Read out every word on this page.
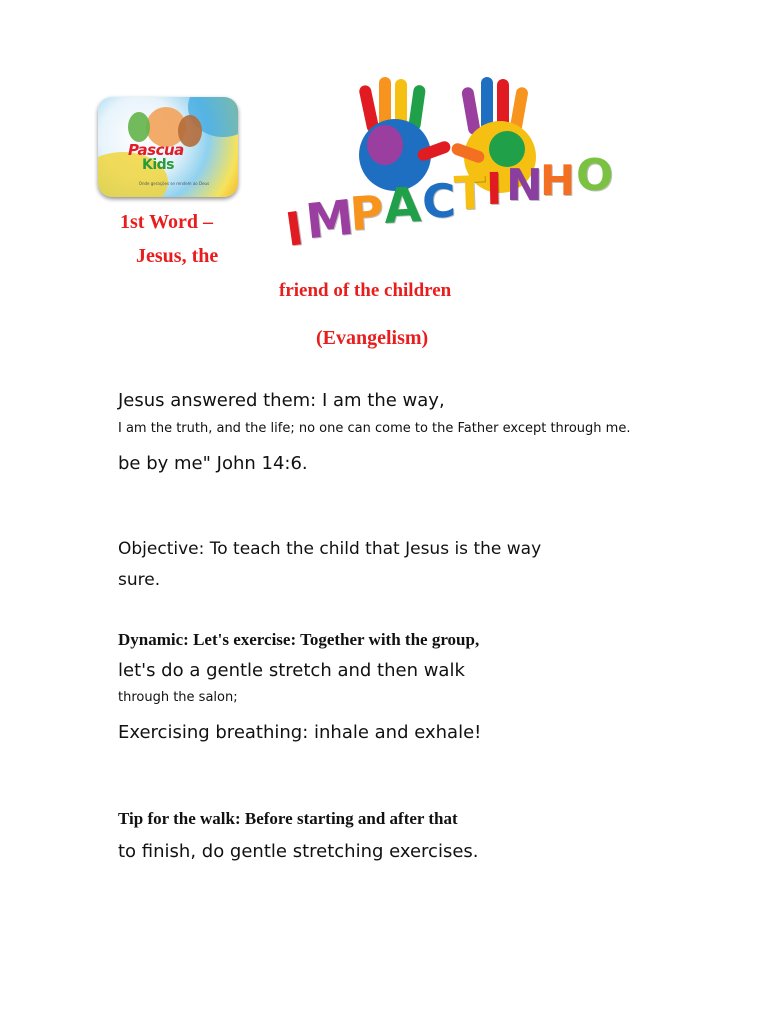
Pascua
Kids
Onde gerações se rendem ao Deus
I
M
P
A
C
T I N
H O
1st Word –
Jesus, the
friend of the children
(Evangelism)
Jesus answered them: I am the way,
I am the truth, and the life; no one can come to the Father except through me.
be by me" John 14:6.
Objective: To teach the child that Jesus is the way
sure.
Dynamic: Let's exercise: Together with the group,
let's do a gentle stretch and then walk
through the salon;
Exercising breathing: inhale and exhale!
Tip for the walk: Before starting and after that
to finish, do gentle stretching exercises.
